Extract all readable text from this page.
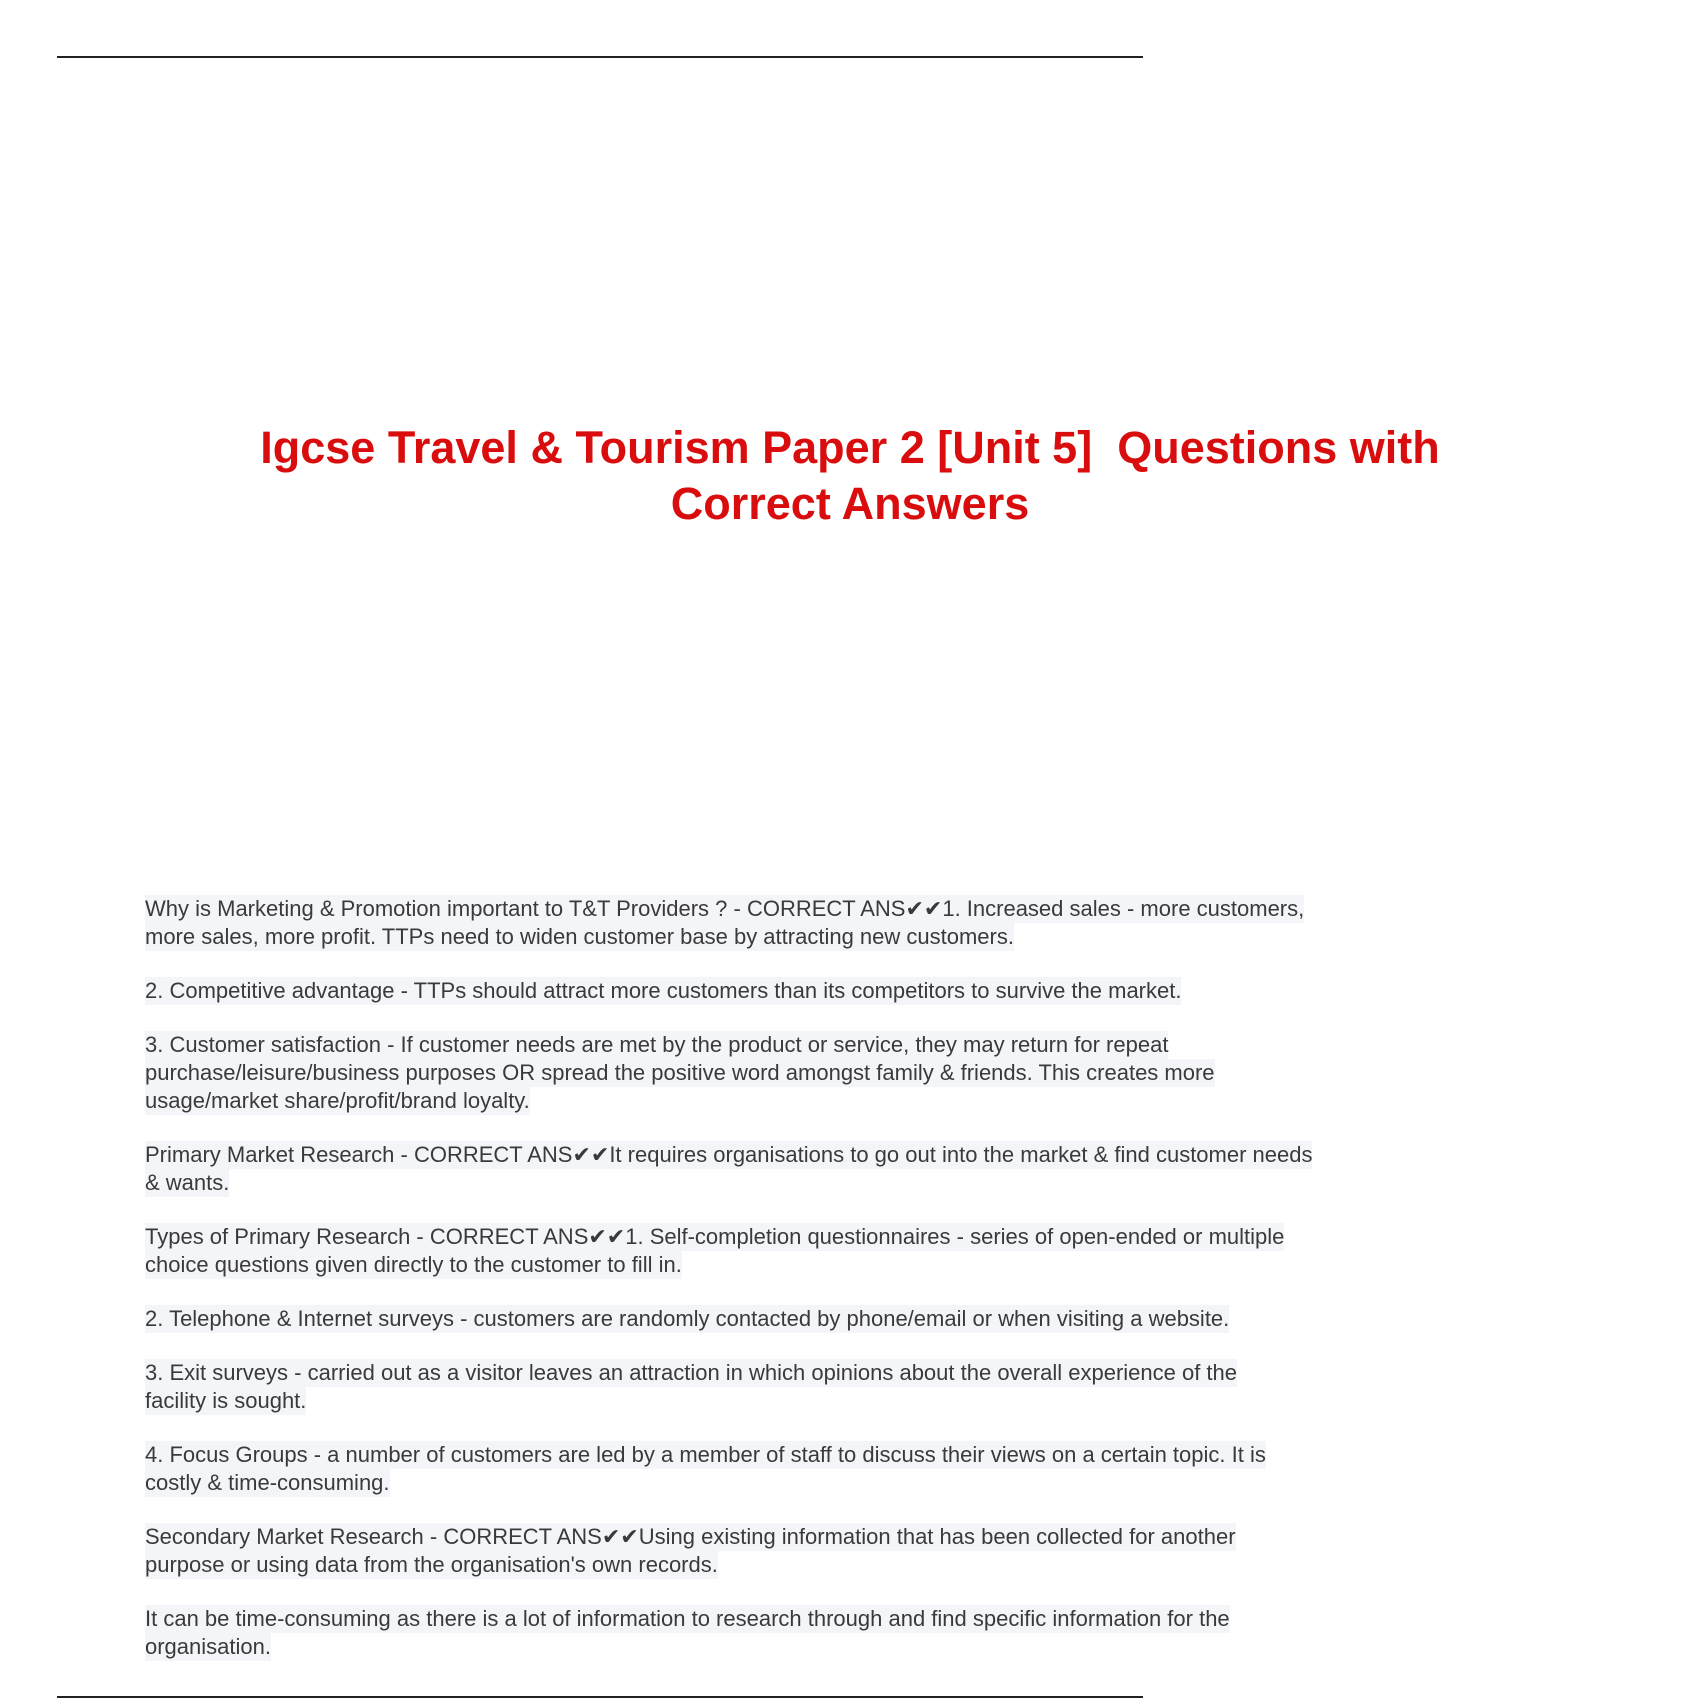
Igcse Travel & Tourism Paper 2 [Unit 5]  Questions with
Correct Answers

Why is Marketing & Promotion important to T&T Providers ? - CORRECT ANS✔✔1. Increased sales - more customers,
more sales, more profit. TTPs need to widen customer base by attracting new customers.

2. Competitive advantage - TTPs should attract more customers than its competitors to survive the market.

3. Customer satisfaction - If customer needs are met by the product or service, they may return for repeat
purchase/leisure/business purposes OR spread the positive word amongst family & friends. This creates more
usage/market share/profit/brand loyalty.

Primary Market Research - CORRECT ANS✔✔It requires organisations to go out into the market & find customer needs
& wants.

Types of Primary Research - CORRECT ANS✔✔1. Self-completion questionnaires - series of open-ended or multiple
choice questions given directly to the customer to fill in.

2. Telephone & Internet surveys - customers are randomly contacted by phone/email or when visiting a website.

3. Exit surveys - carried out as a visitor leaves an attraction in which opinions about the overall experience of the
facility is sought.

4. Focus Groups - a number of customers are led by a member of staff to discuss their views on a certain topic. It is
costly & time-consuming.

Secondary Market Research - CORRECT ANS✔✔Using existing information that has been collected for another
purpose or using data from the organisation's own records.

It can be time-consuming as there is a lot of information to research through and find specific information for the
organisation.
